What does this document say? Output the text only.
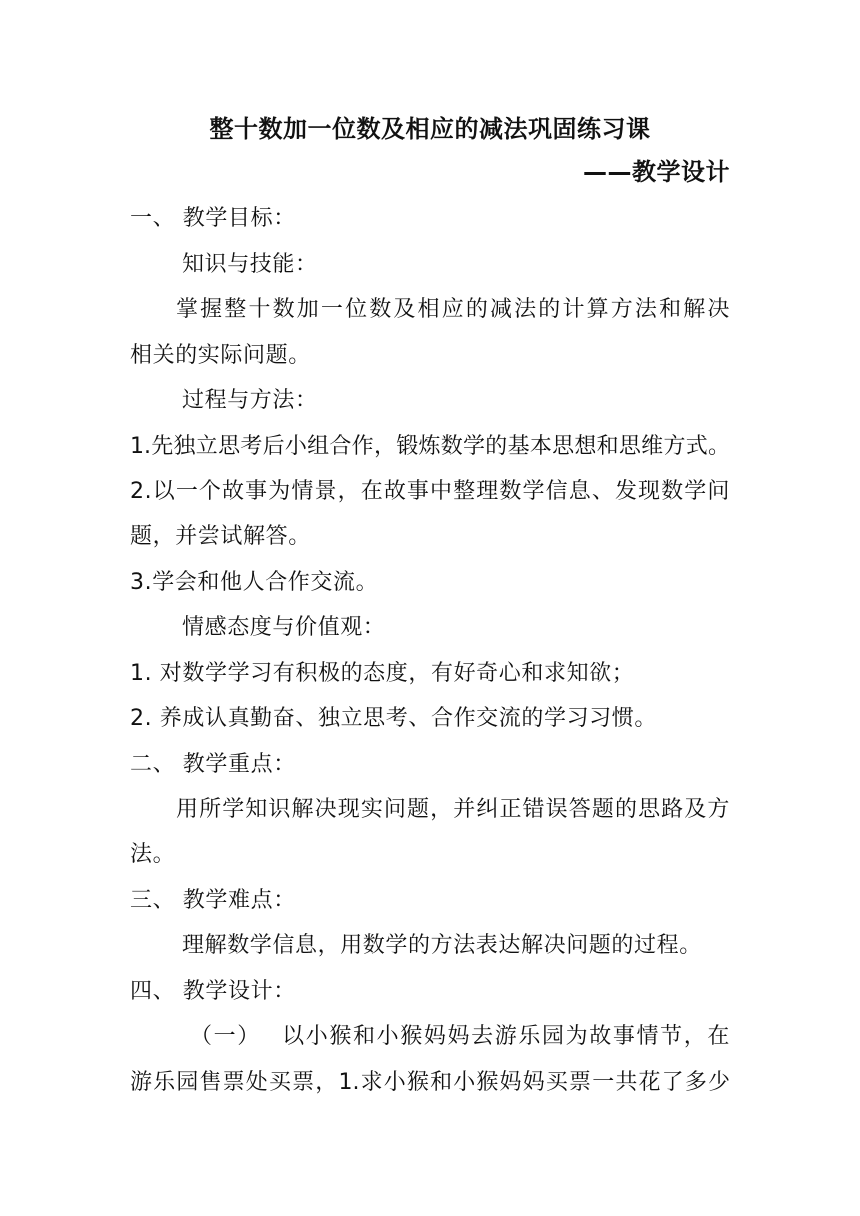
整十数加一位数及相应的减法巩固练习课
——教学设计
一、 教学目标：
知识与技能：
掌握整十数加一位数及相应的减法的计算方法和解决
相关的实际问题。
过程与方法：
1.先独立思考后小组合作，锻炼数学的基本思想和思维方式。
2.以一个故事为情景，在故事中整理数学信息、发现数学问
题，并尝试解答。
3.学会和他人合作交流。
情感态度与价值观：
1. 对数学学习有积极的态度，有好奇心和求知欲；
2. 养成认真勤奋、独立思考、合作交流的学习习惯。
二、 教学重点：
用所学知识解决现实问题，并纠正错误答题的思路及方
法。
三、 教学难点：
理解数学信息，用数学的方法表达解决问题的过程。
四、 教学设计：
（一）　 以小猴和小猴妈妈去游乐园为故事情节，在
游乐园售票处买票，1.求小猴和小猴妈妈买票一共花了多少
